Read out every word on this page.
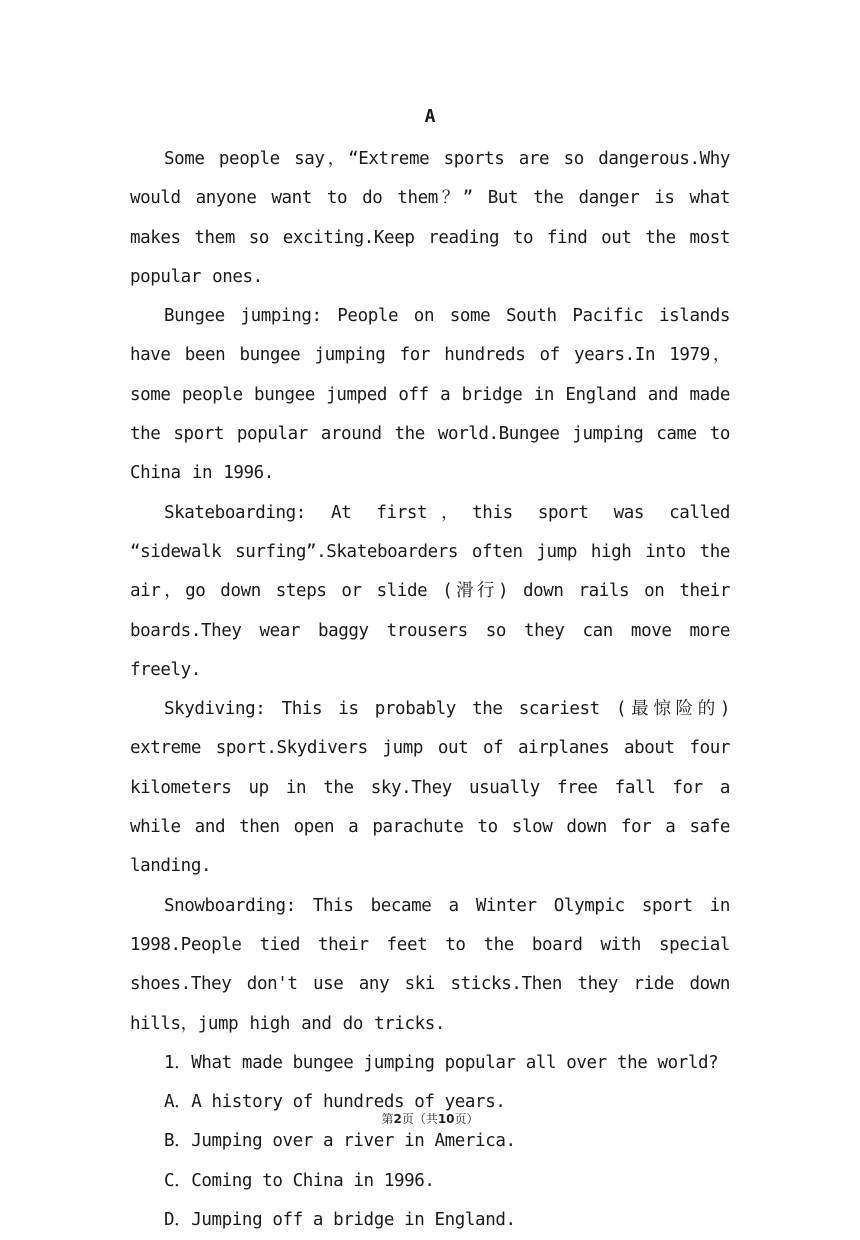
A

Some people say，“Extreme sports are so dangerous.Why would anyone want to do them？” But the danger is what makes them so exciting.Keep reading to find out the most popular ones.

Bungee jumping: People on some South Pacific islands have been bungee jumping for hundreds of years.In 1979，some people bungee jumped off a bridge in England and made the sport popular around the world.Bungee jumping came to China in 1996.

Skateboarding: At first，this sport was called “sidewalk surfing”.Skateboarders often jump high into the air，go down steps or slide (滑行) down rails on their boards.They wear baggy trousers so they can move more freely.

Skydiving: This is probably the scariest (最惊险的) extreme sport.Skydivers jump out of airplanes about four kilometers up in the sky.They usually free fall for a while and then open a parachute to slow down for a safe landing.

Snowboarding: This became a Winter Olympic sport in 1998.People tied their feet to the board with special shoes.They don't use any ski sticks.Then they ride down hills，jump high and do tricks.

1．What made bungee jumping popular all over the world?

A．A history of hundreds of years.

B．Jumping over a river in America.

C．Coming to China in 1996.

D．Jumping off a bridge in England.

第2页（共10页）
